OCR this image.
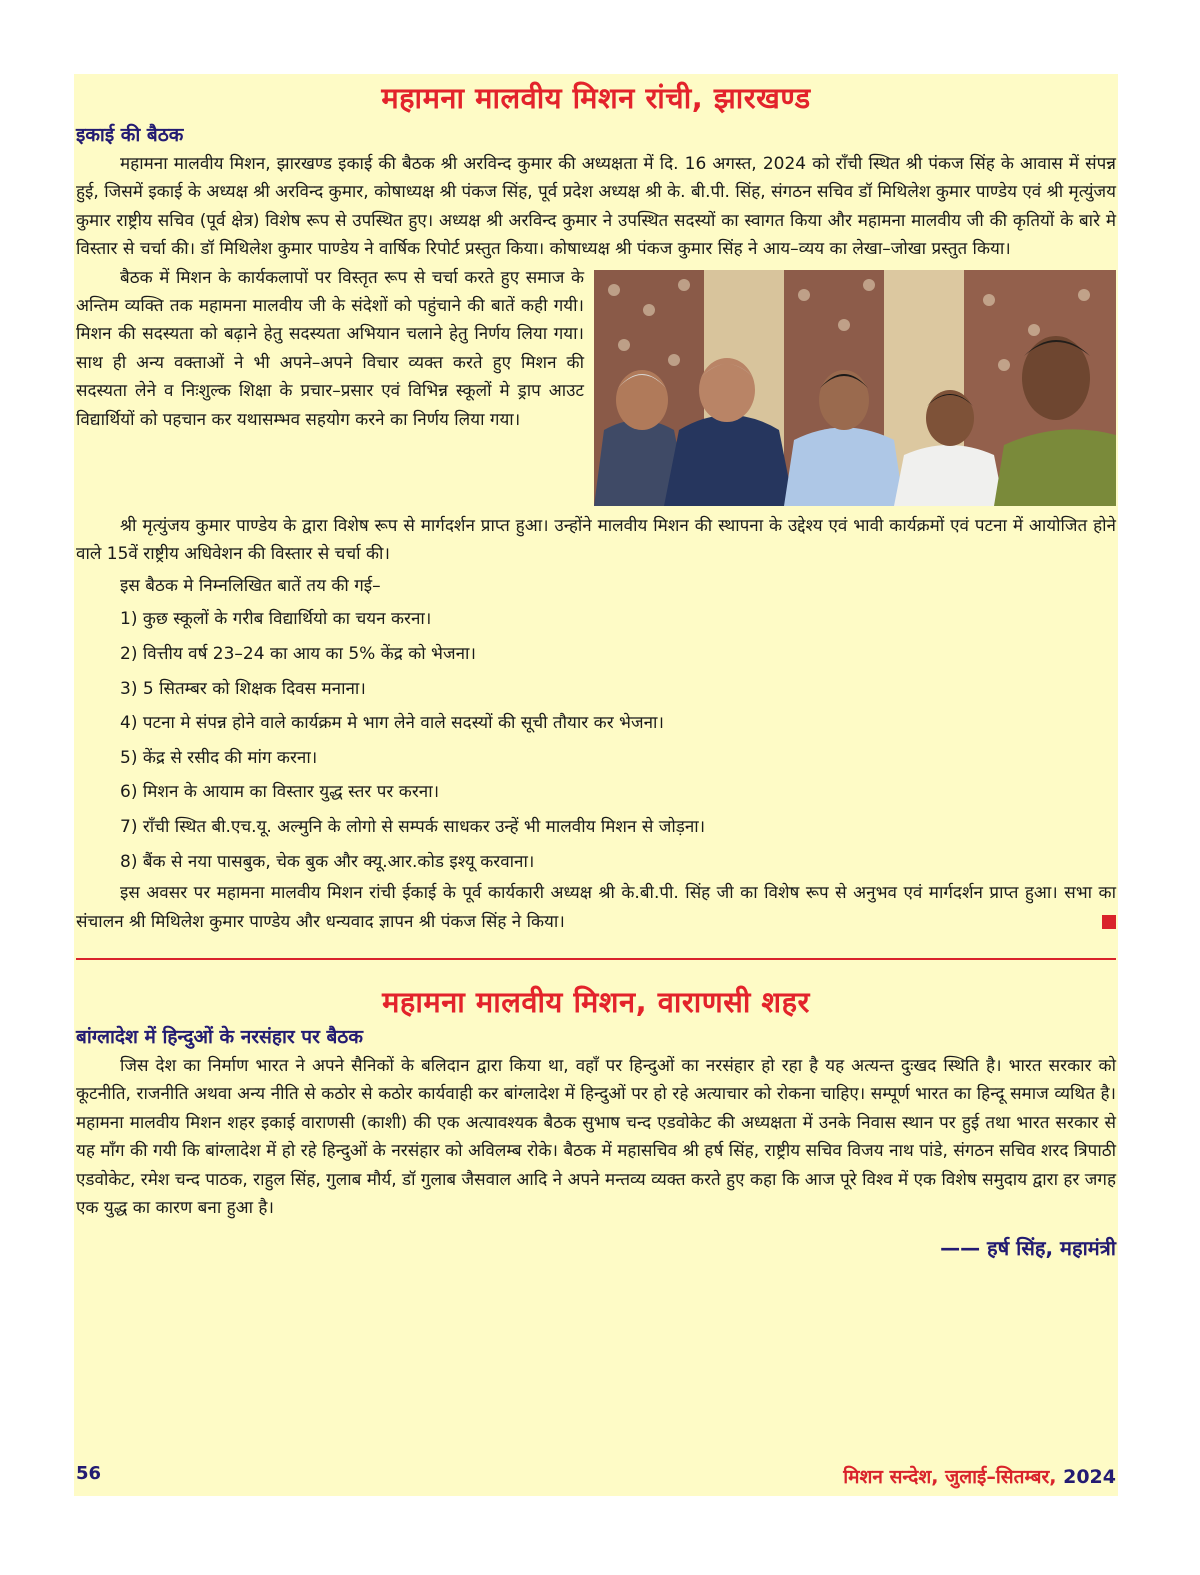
महामना मालवीय मिशन रांची, झारखण्ड
इकाई की बैठक

महामना मालवीय मिशन, झारखण्ड इकाई की बैठक श्री अरविन्द कुमार की अध्यक्षता में दि. 16 अगस्त, 2024 को राँची स्थित श्री पंकज सिंह के आवास में संपन्न हुई, जिसमें इकाई के अध्यक्ष श्री अरविन्द कुमार, कोषाध्यक्ष श्री पंकज सिंह, पूर्व प्रदेश अध्यक्ष श्री के. बी.पी. सिंह, संगठन सचिव डॉ मिथिलेश कुमार पाण्डेय एवं श्री मृत्युंजय कुमार राष्ट्रीय सचिव (पूर्व क्षेत्र) विशेष रूप से उपस्थित हुए। अध्यक्ष श्री अरविन्द कुमार ने उपस्थित सदस्यों का स्वागत किया और महामना मालवीय जी की कृतियों के बारे मे विस्तार से चर्चा की। डॉ मिथिलेश कुमार पाण्डेय ने वार्षिक रिपोर्ट प्रस्तुत किया। कोषाध्यक्ष श्री पंकज कुमार सिंह ने आय–व्यय का लेखा–जोखा प्रस्तुत किया।

बैठक में मिशन के कार्यकलापों पर विस्तृत रूप से चर्चा करते हुए समाज के अन्तिम व्यक्ति तक महामना मालवीय जी के संदेशों को पहुंचाने की बातें कही गयी। मिशन की सदस्यता को बढ़ाने हेतु सदस्यता अभियान चलाने हेतु निर्णय लिया गया। साथ ही अन्य वक्ताओं ने भी अपने–अपने विचार व्यक्त करते हुए मिशन की सदस्यता लेने व निःशुल्क शिक्षा के प्रचार–प्रसार एवं विभिन्न स्कूलों मे ड्राप आउट विद्यार्थियों को पहचान कर यथासम्भव सहयोग करने का निर्णय लिया गया।

श्री मृत्युंजय कुमार पाण्डेय के द्वारा विशेष रूप से मार्गदर्शन प्राप्त हुआ। उन्होंने मालवीय मिशन की स्थापना के उद्देश्य एवं भावी कार्यक्रमों एवं पटना में आयोजित होने वाले 15वें राष्ट्रीय अधिवेशन की विस्तार से चर्चा की।

इस बैठक मे निम्नलिखित बातें तय की गई–
1) कुछ स्कूलों के गरीब विद्यार्थियो का चयन करना।
2) वित्तीय वर्ष 23–24 का आय का 5% केंद्र को भेजना।
3) 5 सितम्बर को शिक्षक दिवस मनाना।
4) पटना मे संपन्न होने वाले कार्यक्रम मे भाग लेने वाले सदस्यों की सूची तौयार कर भेजना।
5) केंद्र से रसीद की मांग करना।
6) मिशन के आयाम का विस्तार युद्ध स्तर पर करना।
7) राँची स्थित बी.एच.यू. अल्मुनि के लोगो से सम्पर्क साधकर उन्हें भी मालवीय मिशन से जोड़ना।
8) बैंक से नया पासबुक, चेक बुक और क्यू.आर.कोड इश्यू करवाना।

इस अवसर पर महामना मालवीय मिशन रांची ईकाई के पूर्व कार्यकारी अध्यक्ष श्री के.बी.पी. सिंह जी का विशेष रूप से अनुभव एवं मार्गदर्शन प्राप्त हुआ। सभा का संचालन श्री मिथिलेश कुमार पाण्डेय और धन्यवाद ज्ञापन श्री पंकज सिंह ने किया।

महामना मालवीय मिशन, वाराणसी शहर
बांग्लादेश में हिन्दुओं के नरसंहार पर बैठक

जिस देश का निर्माण भारत ने अपने सैनिकों के बलिदान द्वारा किया था, वहाँ पर हिन्दुओं का नरसंहार हो रहा है यह अत्यन्त दुःखद स्थिति है। भारत सरकार को कूटनीति, राजनीति अथवा अन्य नीति से कठोर से कठोर कार्यवाही कर बांग्लादेश में हिन्दुओं पर हो रहे अत्याचार को रोकना चाहिए। सम्पूर्ण भारत का हिन्दू समाज व्यथित है। महामना मालवीय मिशन शहर इकाई वाराणसी (काशी) की एक अत्यावश्यक बैठक सुभाष चन्द एडवोकेट की अध्यक्षता में उनके निवास स्थान पर हुई तथा भारत सरकार से यह माँग की गयी कि बांग्लादेश में हो रहे हिन्दुओं के नरसंहार को अविलम्ब रोके। बैठक में महासचिव श्री हर्ष सिंह, राष्ट्रीय सचिव विजय नाथ पांडे, संगठन सचिव शरद त्रिपाठी एडवोकेट, रमेश चन्द पाठक, राहुल सिंह, गुलाब मौर्य, डॉ गुलाब जैसवाल आदि ने अपने मन्तव्य व्यक्त करते हुए कहा कि आज पूरे विश्व में एक विशेष समुदाय द्वारा हर जगह एक युद्ध का कारण बना हुआ है।

—— हर्ष सिंह, महामंत्री
56	मिशन सन्देश, जुलाई–सितम्बर, 2024
